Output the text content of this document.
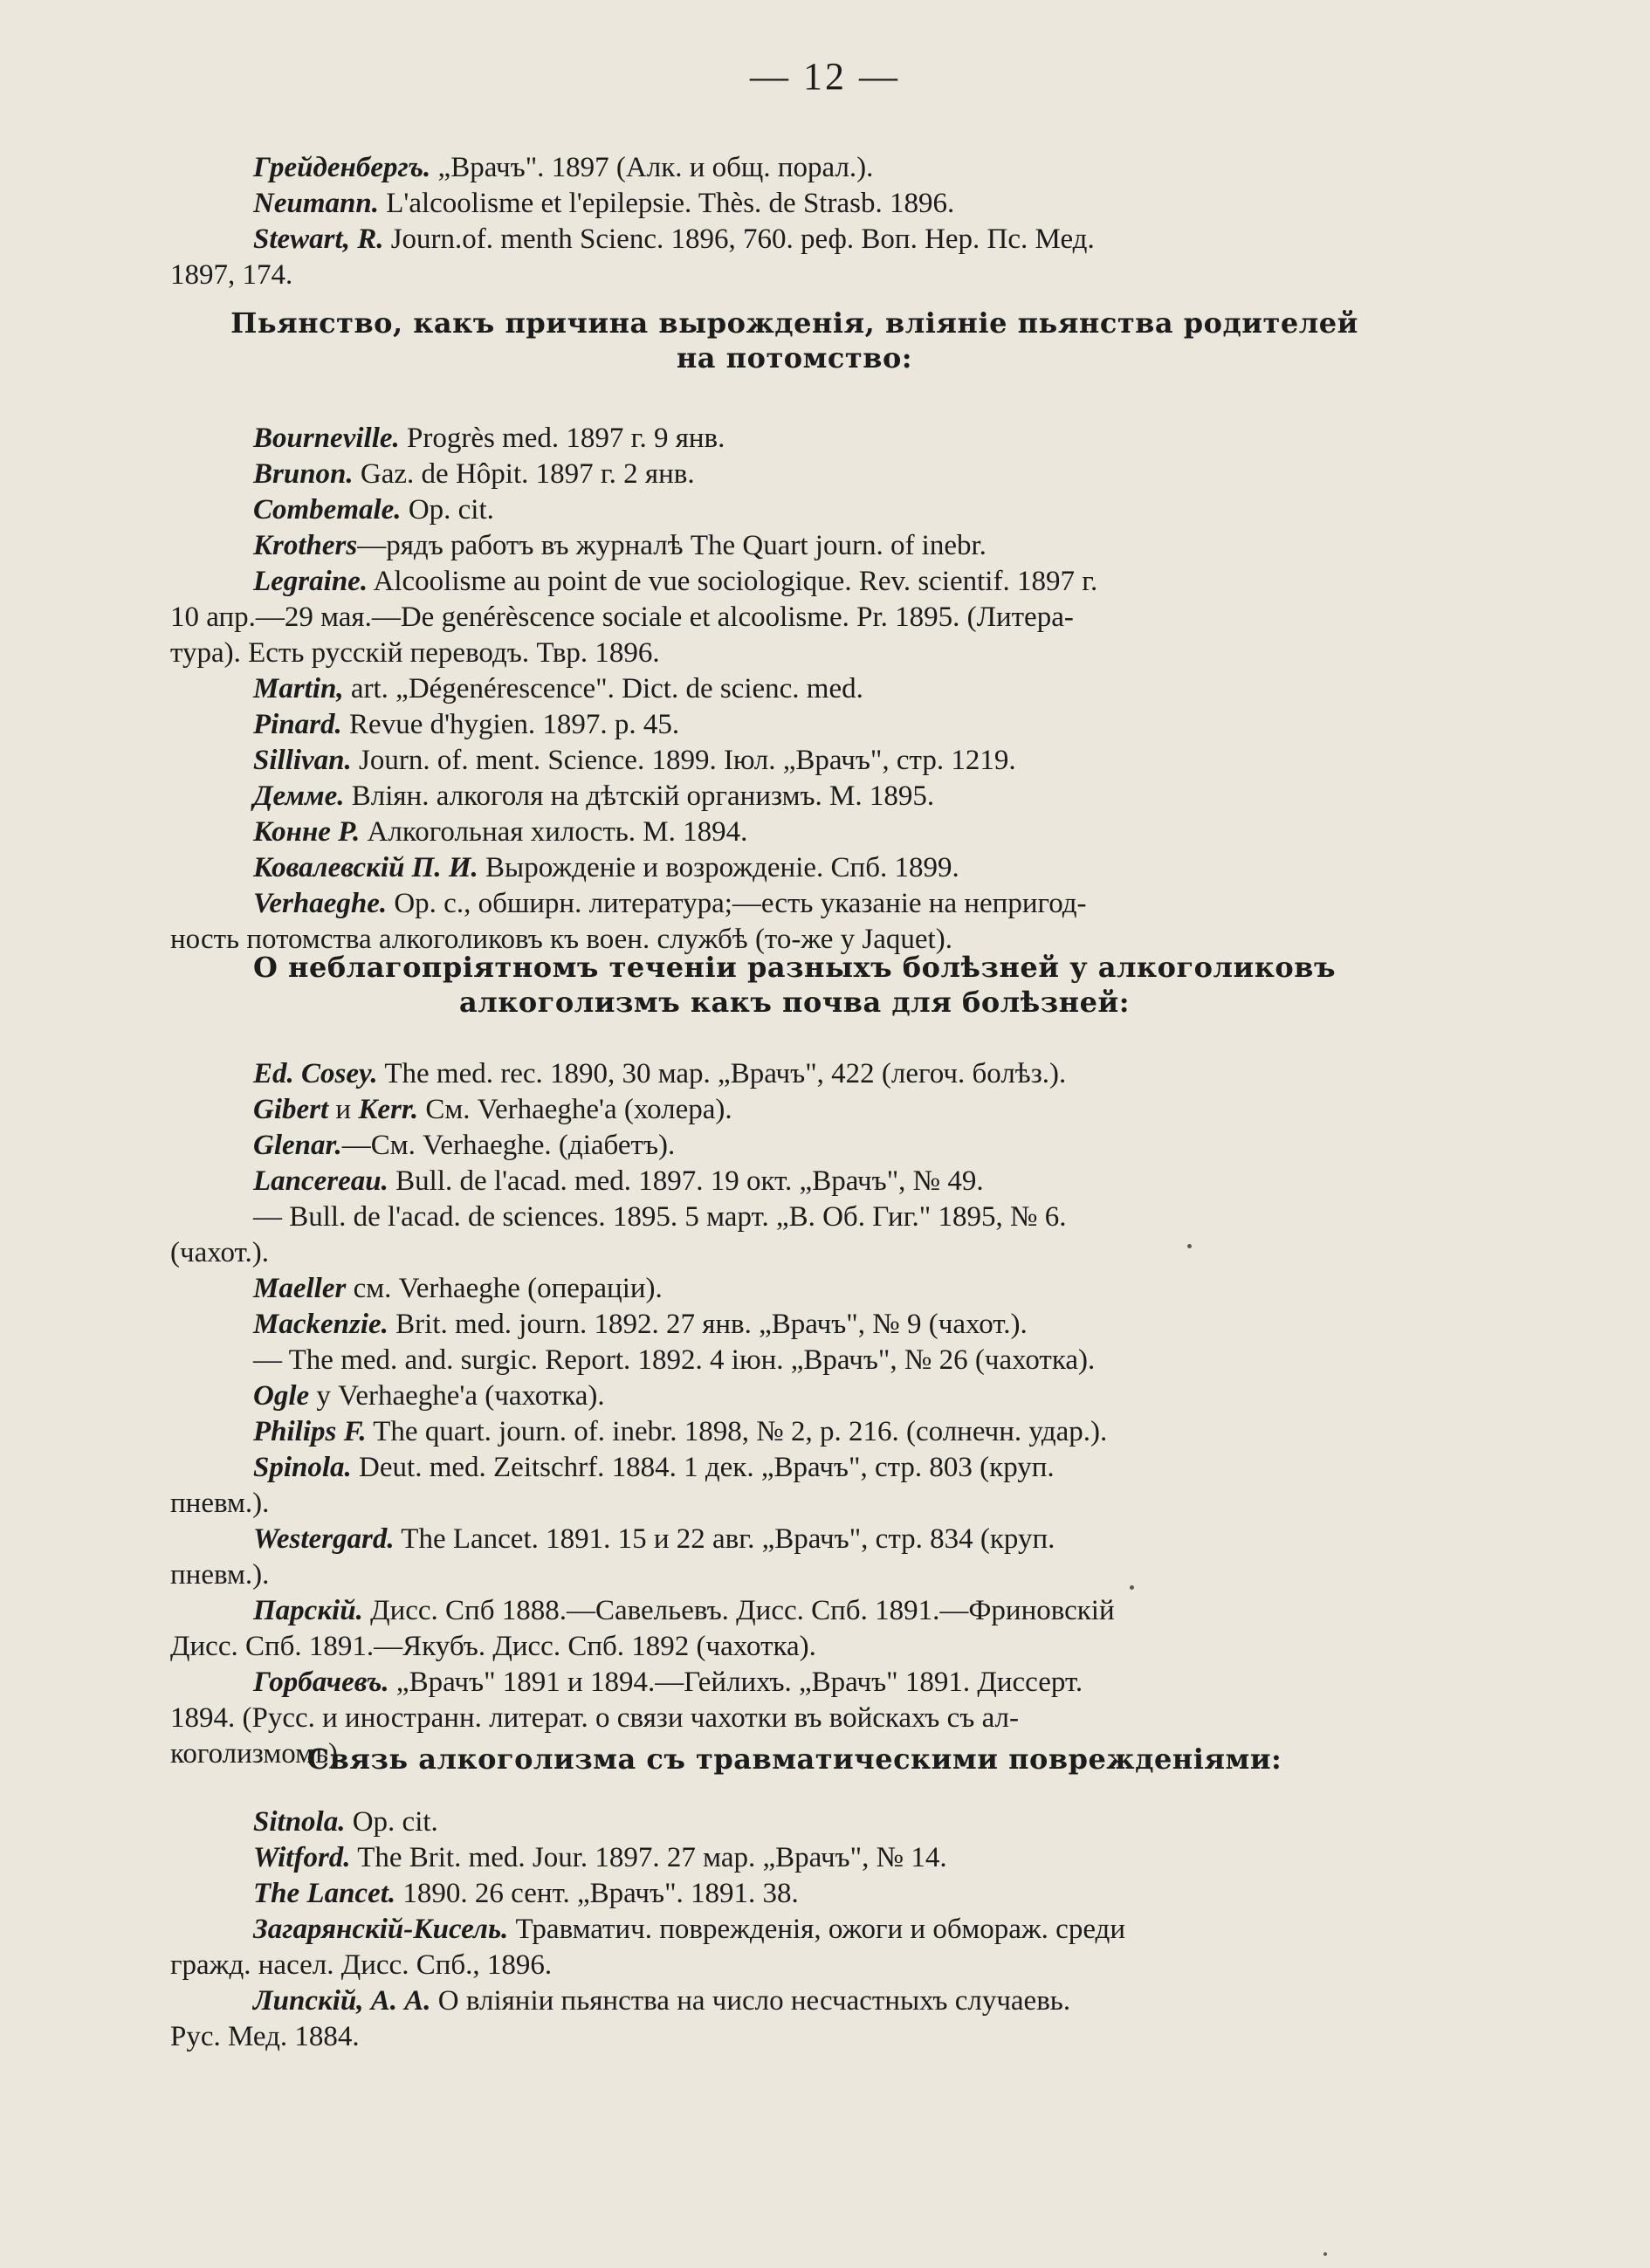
— 12 —
Грейденбергъ. „Врачъ". 1897 (Алк. и общ. порал.).
Neumann. L'alcoolisme et l'epilepsie. Thès. de Strasb. 1896.
Stewart, R. Journ.of. menth Scienc. 1896, 760. реф. Воп. Нер. Пс. Мед.
1897, 174.
Пьянство, какъ причина вырожденія, вліяніе пьянства родителей
на потомство:
Bourneville. Progrès med. 1897 г. 9 янв.
Brunon. Gaz. de Hôpit. 1897 г. 2 янв.
Combemale. Op. cit.
Krothers—рядъ работъ въ журналѣ The Quart journ. of inebr.
Legraine. Alcoolisme au point de vue sociologique. Rev. scientif. 1897 г.
10 апр.—29 мая.—De genérèscence sociale et alcoolisme. Pr. 1895. (Литера-
тура). Есть русскій переводъ. Твр. 1896.
Martin, art. „Dégenérescence". Dict. de scienc. med.
Pinard. Revue d'hygien. 1897. p. 45.
Sillivan. Journ. of. ment. Science. 1899. Іюл. „Врачъ", стр. 1219.
Демме. Вліян. алкоголя на дѣтскій организмъ. М. 1895.
Конне Р. Алкогольная хилость. М. 1894.
Ковалевскій П. И. Вырожденіе и возрожденіе. Спб. 1899.
Verhaeghe. Op. c., обширн. литература;—есть указаніе на непригод-
ность потомства алкоголиковъ къ воен. службѣ (то-же у Jaquet).
О неблагопріятномъ теченіи разныхъ болѣзней у алкоголиковъ
алкоголизмъ какъ почва для болѣзней:
Ed. Cosey. The med. rec. 1890, 30 мар. „Врачъ", 422 (легоч. болѣз.).
Gibert и Kerr. См. Verhaeghe'a (холера).
Glenar.—См. Verhaeghe. (діабетъ).
Lancereau. Bull. de l'acad. med. 1897. 19 окт. „Врачъ", № 49.
— Bull. de l'acad. de sciences. 1895. 5 март. „В. Об. Гиг." 1895, № 6.
(чахот.).
Maeller см. Verhaeghe (операціи).
Mackenzie. Brit. med. journ. 1892. 27 янв. „Врачъ", № 9 (чахот.).
— The med. and. surgic. Report. 1892. 4 іюн. „Врачъ", № 26 (чахотка).
Ogle у Verhaeghe'a (чахотка).
Philips F. The quart. journ. of. inebr. 1898, № 2, p. 216. (солнечн. удар.).
Spinola. Deut. med. Zeitschrf. 1884. 1 дек. „Врачъ", стр. 803 (круп.
пневм.).
Westergard. The Lancet. 1891. 15 и 22 авг. „Врачъ", стр. 834 (круп.
пневм.).
Парскій. Дисс. Спб 1888.—Савельевъ. Дисс. Спб. 1891.—Фриновскій
Дисс. Спб. 1891.—Якубъ. Дисс. Спб. 1892 (чахотка).
Горбачевъ. „Врачъ" 1891 и 1894.—Гейлихъ. „Врачъ" 1891. Диссерт.
1894. (Русс. и иностранн. литерат. о связи чахотки въ войскахъ съ ал-
коголизмомъ).
Связь алкоголизма съ травматическими поврежденіями:
Sitnola. Op. cit.
Witford. The Brit. med. Jour. 1897. 27 мар. „Врачъ", № 14.
The Lancet. 1890. 26 сент. „Врачъ". 1891. 38.
Загарянскій-Кисель. Травматич. поврежденія, ожоги и обмораж. среди
гражд. насел. Дисс. Спб., 1896.
Липскій, А. А. О вліяніи пьянства на число несчастныхъ случаевь.
Рус. Мед. 1884.
